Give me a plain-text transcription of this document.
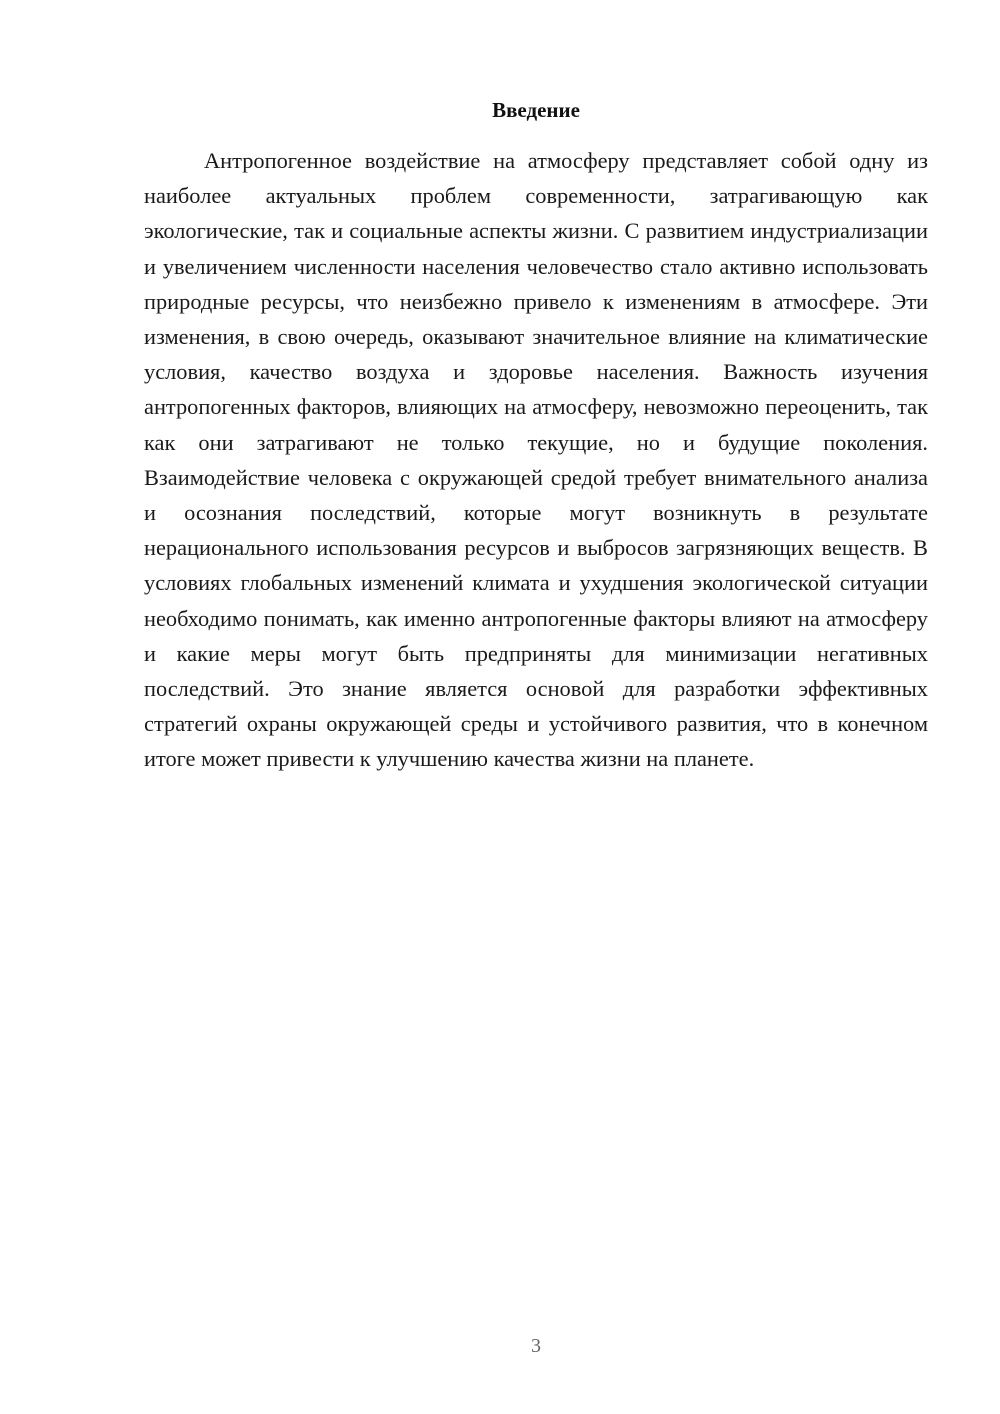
Введение

Антропогенное воздействие на атмосферу представляет собой одну из наиболее актуальных проблем современности, затрагивающую как экологические, так и социальные аспекты жизни. С развитием индустриализации и увеличением численности населения человечество стало активно использовать природные ресурсы, что неизбежно привело к изменениям в атмосфере. Эти изменения, в свою очередь, оказывают значительное влияние на климатические условия, качество воздуха и здоровье населения. Важность изучения антропогенных факторов, влияющих на атмосферу, невозможно переоценить, так как они затрагивают не только текущие, но и будущие поколения. Взаимодействие человека с окружающей средой требует внимательного анализа и осознания последствий, которые могут возникнуть в результате нерационального использования ресурсов и выбросов загрязняющих веществ. В условиях глобальных изменений климата и ухудшения экологической ситуации необходимо понимать, как именно антропогенные факторы влияют на атмосферу и какие меры могут быть предприняты для минимизации негативных последствий. Это знание является основой для разработки эффективных стратегий охраны окружающей среды и устойчивого развития, что в конечном итоге может привести к улучшению качества жизни на планете.

3
